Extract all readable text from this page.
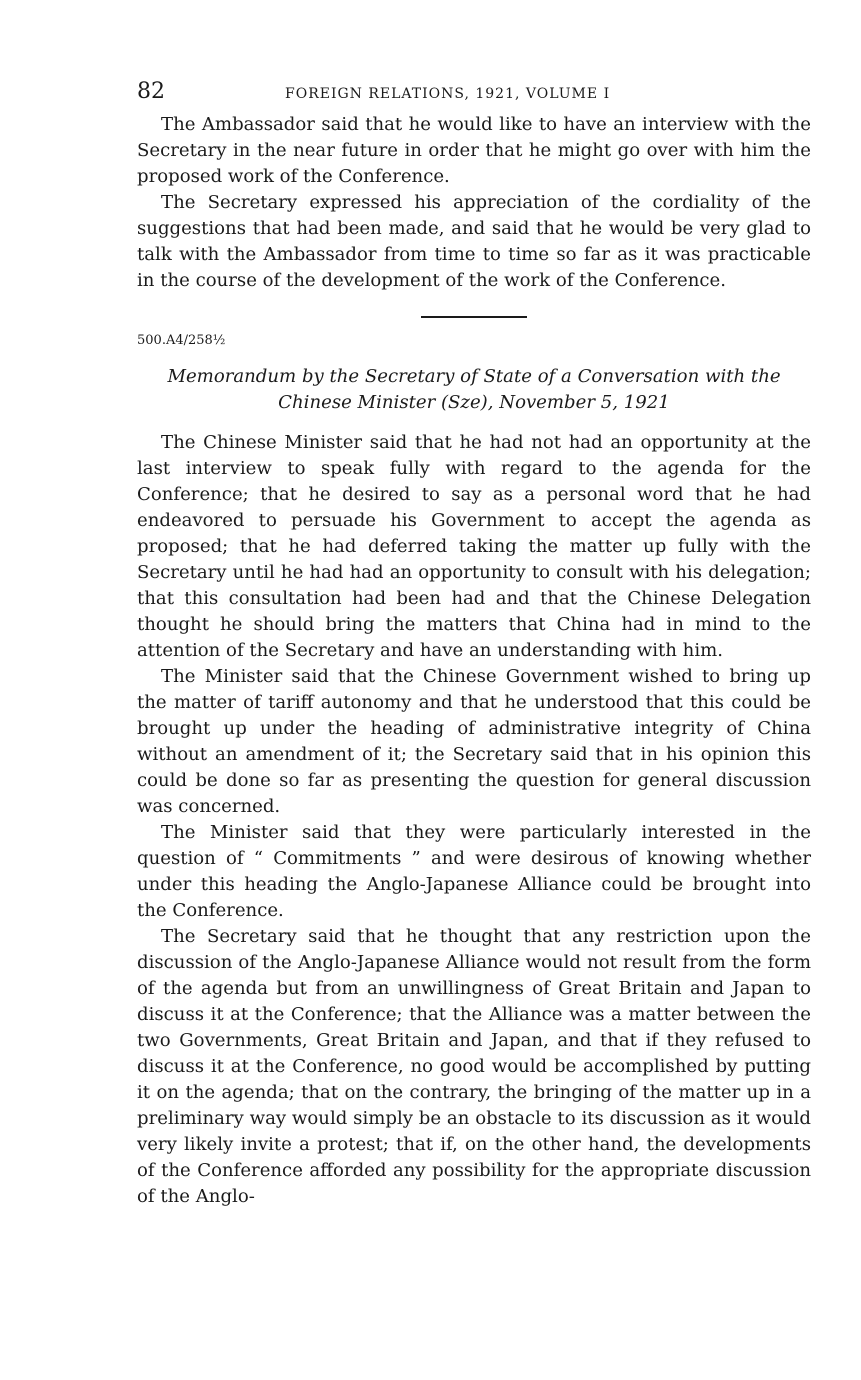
82	FOREIGN RELATIONS, 1921, VOLUME I

The Ambassador said that he would like to have an interview with the Secretary in the near future in order that he might go over with him the proposed work of the Conference.

The Secretary expressed his appreciation of the cordiality of the suggestions that had been made, and said that he would be very glad to talk with the Ambassador from time to time so far as it was practicable in the course of the development of the work of the Conference.

500.A4/258½

Memorandum by the Secretary of State of a Conversation with the Chinese Minister (Sze), November 5, 1921

The Chinese Minister said that he had not had an opportunity at the last interview to speak fully with regard to the agenda for the Conference; that he desired to say as a personal word that he had endeavored to persuade his Government to accept the agenda as proposed; that he had deferred taking the matter up fully with the Secretary until he had had an opportunity to consult with his delegation; that this consultation had been had and that the Chinese Delegation thought he should bring the matters that China had in mind to the attention of the Secretary and have an understanding with him.

The Minister said that the Chinese Government wished to bring up the matter of tariff autonomy and that he understood that this could be brought up under the heading of administrative integrity of China without an amendment of it; the Secretary said that in his opinion this could be done so far as presenting the question for general discussion was concerned.

The Minister said that they were particularly interested in the question of “ Commitments ” and were desirous of knowing whether under this heading the Anglo-Japanese Alliance could be brought into the Conference.

The Secretary said that he thought that any restriction upon the discussion of the Anglo-Japanese Alliance would not result from the form of the agenda but from an unwillingness of Great Britain and Japan to discuss it at the Conference; that the Alliance was a matter between the two Governments, Great Britain and Japan, and that if they refused to discuss it at the Conference, no good would be accomplished by putting it on the agenda; that on the contrary, the bringing of the matter up in a preliminary way would simply be an obstacle to its discussion as it would very likely invite a protest; that if, on the other hand, the developments of the Conference afforded any possibility for the appropriate discussion of the Anglo-
